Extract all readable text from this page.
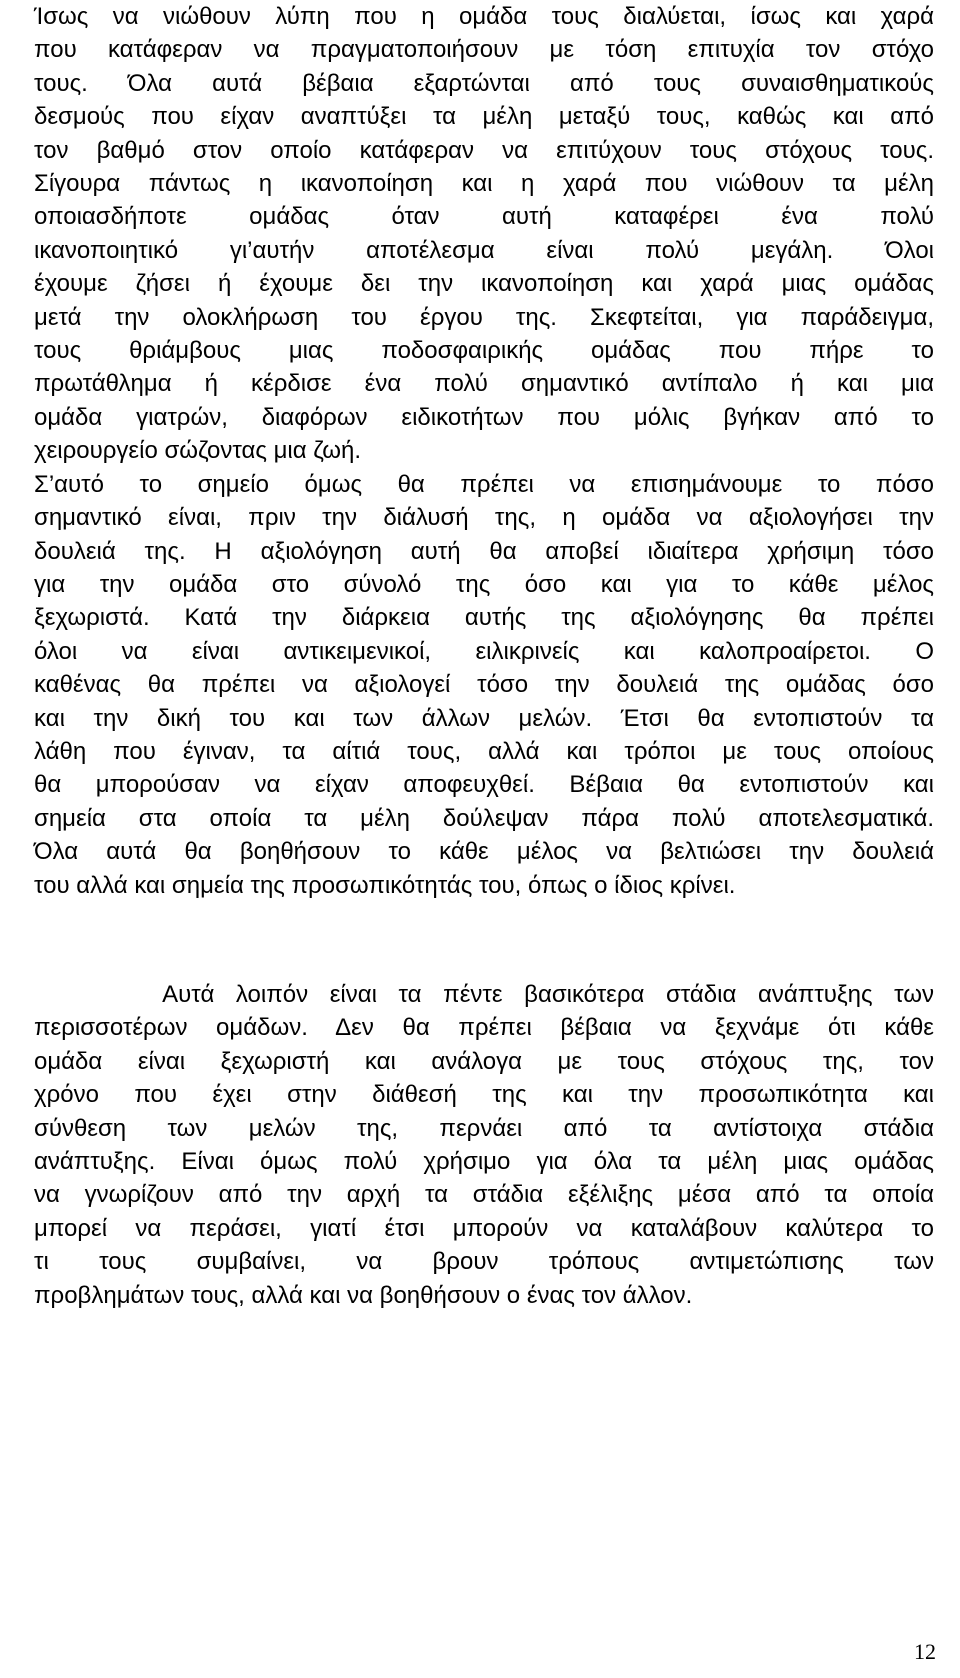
Ίσως να νιώθουν λύπη που η ομάδα τους διαλύεται, ίσως και χαρά
που κατάφεραν να πραγματοποιήσουν με τόση επιτυχία τον στόχο
τους. Όλα αυτά βέβαια εξαρτώνται από τους συναισθηματικούς
δεσμούς που είχαν αναπτύξει τα μέλη μεταξύ τους, καθώς και από
τον βαθμό στον οποίο κατάφεραν να επιτύχουν τους στόχους τους.
Σίγουρα πάντως η ικανοποίηση και η χαρά που νιώθουν τα μέλη
οποιασδήποτε ομάδας όταν αυτή καταφέρει ένα πολύ
ικανοποιητικό γι’αυτήν αποτέλεσμα είναι πολύ μεγάλη. Όλοι
έχουμε ζήσει ή έχουμε δει την ικανοποίηση και χαρά μιας ομάδας
μετά την ολοκλήρωση του έργου της. Σκεφτείται, για παράδειγμα,
τους θριάμβους μιας ποδοσφαιρικής ομάδας που πήρε το
πρωτάθλημα ή κέρδισε ένα πολύ σημαντικό αντίπαλο ή και μια
ομάδα γιατρών, διαφόρων ειδικοτήτων που μόλις βγήκαν από το
χειρουργείο σώζοντας μια ζωή.

Σ’αυτό το σημείο όμως θα πρέπει να επισημάνουμε το πόσο
σημαντικό είναι, πριν την διάλυσή της, η ομάδα να αξιολογήσει την
δουλειά της. Η αξιολόγηση αυτή θα αποβεί ιδιαίτερα χρήσιμη τόσο
για την ομάδα στο σύνολό της όσο και για το κάθε μέλος
ξεχωριστά. Κατά την διάρκεια αυτής της αξιολόγησης θα πρέπει
όλοι να είναι αντικειμενικοί, ειλικρινείς και καλοπροαίρετοι. Ο
καθένας θα πρέπει να αξιολογεί τόσο την δουλειά της ομάδας όσο
και την δική του και των άλλων μελών. Έτσι θα εντοπιστούν τα
λάθη που έγιναν, τα αίτιά τους, αλλά και τρόποι με τους οποίους
θα μπορούσαν να είχαν αποφευχθεί. Βέβαια θα εντοπιστούν και
σημεία στα οποία τα μέλη δούλεψαν πάρα πολύ αποτελεσματικά.
Όλα αυτά θα βοηθήσουν το κάθε μέλος να βελτιώσει την δουλειά
του αλλά και σημεία της προσωπικότητάς του, όπως ο ίδιος κρίνει.

Αυτά λοιπόν είναι τα πέντε βασικότερα στάδια ανάπτυξης των
περισσοτέρων ομάδων. Δεν θα πρέπει βέβαια να ξεχνάμε ότι κάθε
ομάδα είναι ξεχωριστή και ανάλογα με τους στόχους της, τον
χρόνο που έχει στην διάθεσή της και την προσωπικότητα και
σύνθεση των μελών της, περνάει από τα αντίστοιχα στάδια
ανάπτυξης. Είναι όμως πολύ χρήσιμο για όλα τα μέλη μιας ομάδας
να γνωρίζουν από την αρχή τα στάδια εξέλιξης μέσα από τα οποία
μπορεί να περάσει, γιατί έτσι μπορούν να καταλάβουν καλύτερα το
τι τους συμβαίνει, να βρουν τρόπους αντιμετώπισης των
προβλημάτων τους, αλλά και να βοηθήσουν ο ένας τον άλλον.

12
